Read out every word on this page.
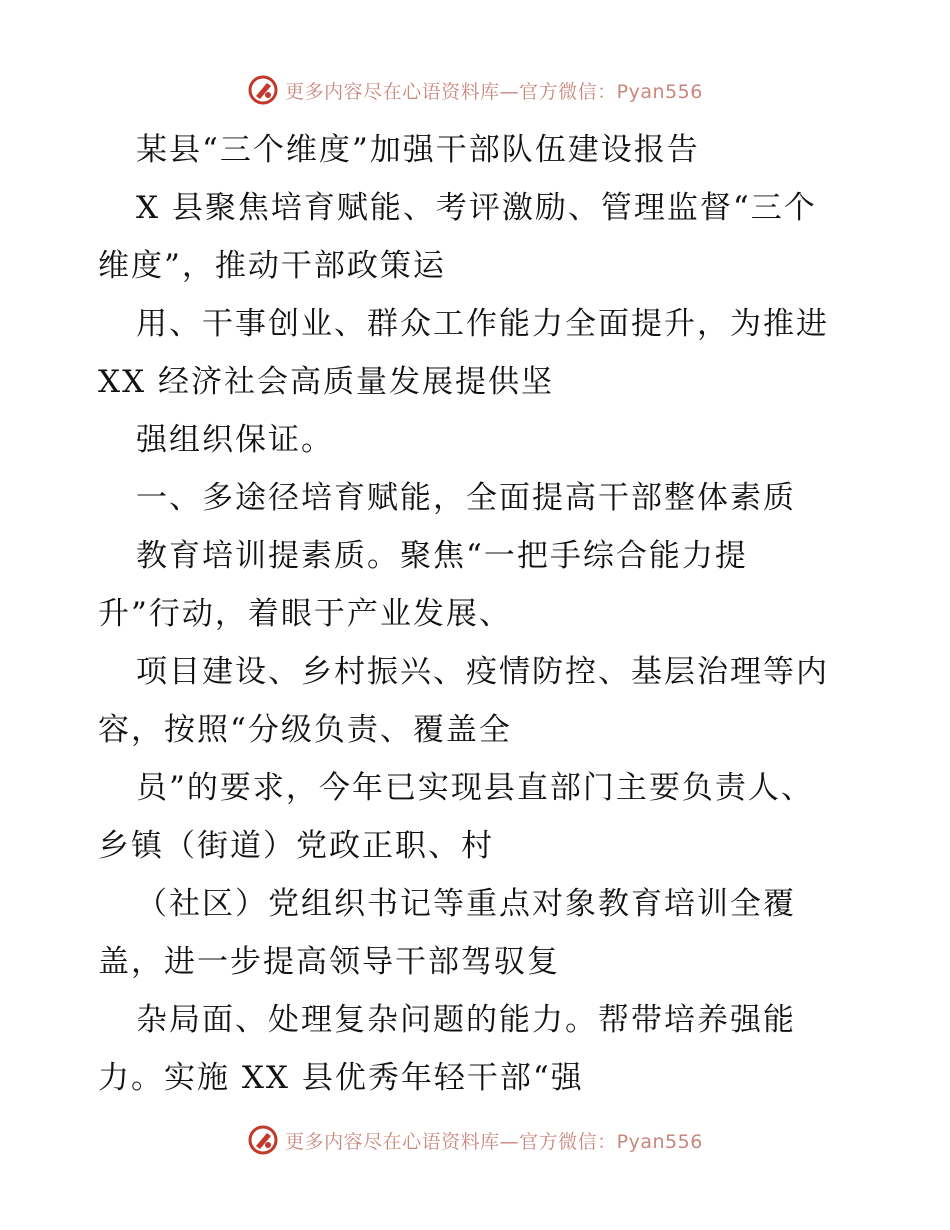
更多内容尽在心语资料库—官方微信：Pyan556
某县“三个维度”加强干部队伍建设报告
X 县聚焦培育赋能、考评激励、管理监督“三个
维度”，推动干部政策运
用、干事创业、群众工作能力全面提升，为推进
XX 经济社会高质量发展提供坚
强组织保证。
一、多途径培育赋能，全面提高干部整体素质
教育培训提素质。聚焦“一把手综合能力提
升”行动，着眼于产业发展、
项目建设、乡村振兴、疫情防控、基层治理等内
容，按照“分级负责、覆盖全
员”的要求，今年已实现县直部门主要负责人、
乡镇（街道）党政正职、村
（社区）党组织书记等重点对象教育培训全覆
盖，进一步提高领导干部驾驭复
杂局面、处理复杂问题的能力。帮带培养强能
力。实施 XX 县优秀年轻干部“强
更多内容尽在心语资料库—官方微信：Pyan556
